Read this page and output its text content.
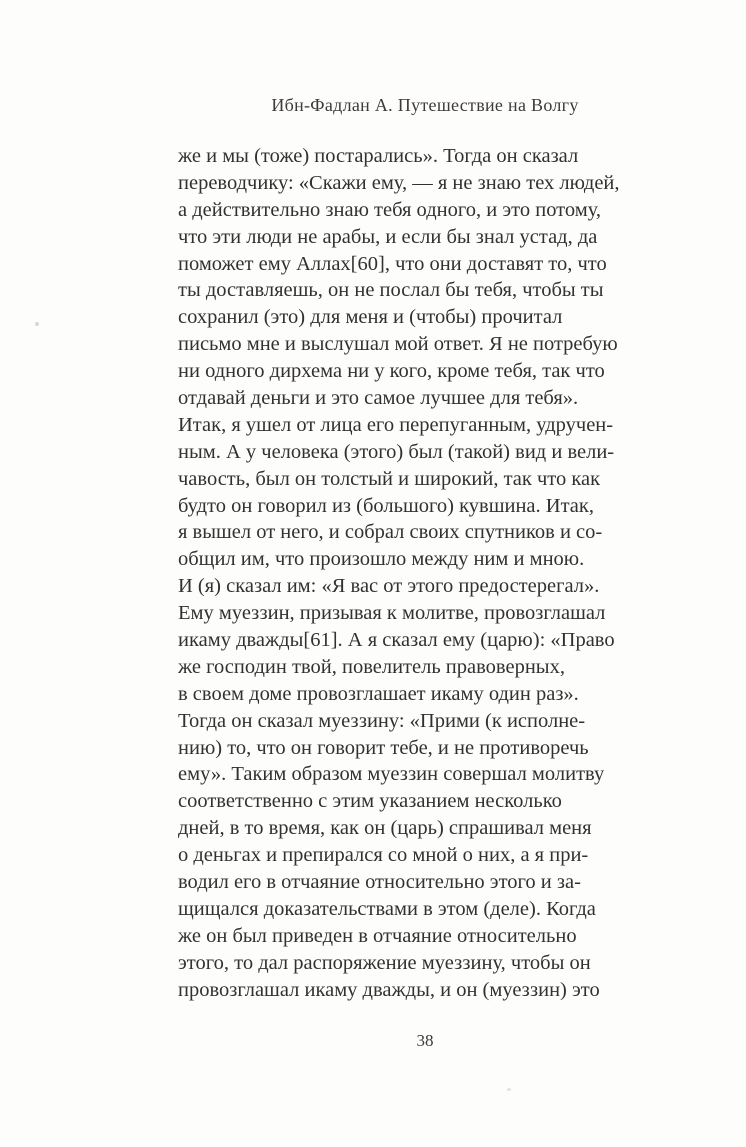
Ибн-Фадлан А. Путешествие на Волгу
же и мы (тоже) постарались». Тогда он сказал
переводчику: «Скажи ему, — я не знаю тех людей,
а действительно знаю тебя одного, и это потому,
что эти люди не арабы, и если бы знал устад, да
поможет ему Аллах[60], что они доставят то, что
ты доставляешь, он не послал бы тебя, чтобы ты
сохранил (это) для меня и (чтобы) прочитал
письмо мне и выслушал мой ответ. Я не потребую
ни одного дирхема ни у кого, кроме тебя, так что
отдавай деньги и это самое лучшее для тебя».
Итак, я ушел от лица его перепуганным, удручен-
ным. А у человека (этого) был (такой) вид и вели-
чавость, был он толстый и широкий, так что как
будто он говорил из (большого) кувшина. Итак,
я вышел от него, и собрал своих спутников и со-
общил им, что произошло между ним и мною.
И (я) сказал им: «Я вас от этого предостерегал».
Ему муеззин, призывая к молитве, провозглашал
икаму дважды[61]. А я сказал ему (царю): «Право
же господин твой, повелитель правоверных,
в своем доме провозглашает икаму один раз».
Тогда он сказал муеззину: «Прими (к исполне-
нию) то, что он говорит тебе, и не противоречь
ему». Таким образом муеззин совершал молитву
соответственно с этим указанием несколько
дней, в то время, как он (царь) спрашивал меня
о деньгах и препирался со мной о них, а я при-
водил его в отчаяние относительно этого и за-
щищался доказательствами в этом (деле). Когда
же он был приведен в отчаяние относительно
этого, то дал распоряжение муеззину, чтобы он
провозглашал икаму дважды, и он (муеззин) это
38
